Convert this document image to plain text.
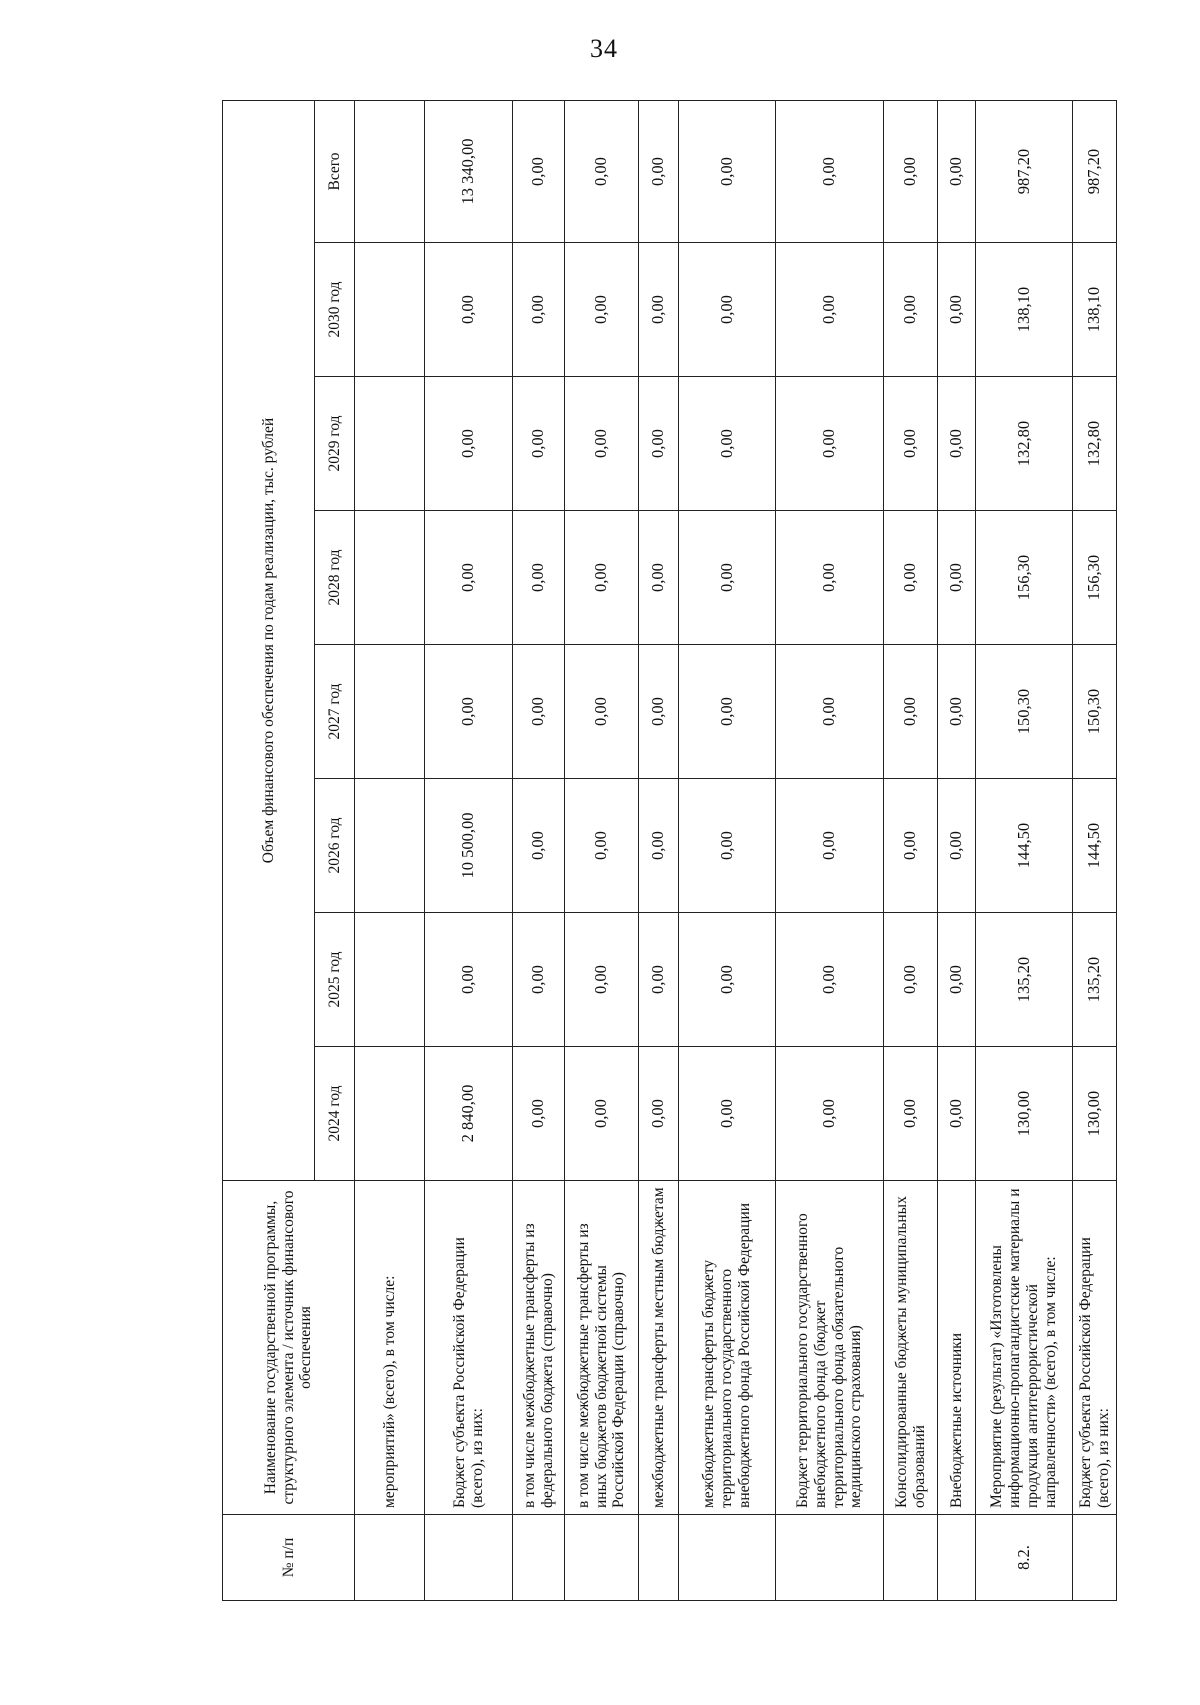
34
№ п/п	Наименование государственной программы, структурного элемента / источник финансового обеспечения	Объем финансового обеспечения по годам реализации, тыс. рублей							
		2024 год	2025 год	2026 год	2027 год	2028 год	2029 год	2030 год	Всего
	мероприятий» (всего), в том числе:								
	Бюджет субъекта Российской Федерации (всего), из них:	2 840,00	0,00	10 500,00	0,00	0,00	0,00	0,00	13 340,00
	в том числе межбюджетные трансферты из федерального бюджета (справочно)	0,00	0,00	0,00	0,00	0,00	0,00	0,00	0,00
	в том числе межбюджетные трансферты из иных бюджетов бюджетной системы Российской Федерации (справочно)	0,00	0,00	0,00	0,00	0,00	0,00	0,00	0,00
	межбюджетные трансферты местным бюджетам	0,00	0,00	0,00	0,00	0,00	0,00	0,00	0,00
	межбюджетные трансферты бюджету территориального государственного внебюджетного фонда Российской Федерации	0,00	0,00	0,00	0,00	0,00	0,00	0,00	0,00
	Бюджет территориального государственного внебюджетного фонда (бюджет территориального фонда обязательного медицинского страхования)	0,00	0,00	0,00	0,00	0,00	0,00	0,00	0,00
	Консолидированные бюджеты муниципальных образований	0,00	0,00	0,00	0,00	0,00	0,00	0,00	0,00
	Внебюджетные источники	0,00	0,00	0,00	0,00	0,00	0,00	0,00	0,00
8.2.	Мероприятие (результат) «Изготовлены информационно-пропагандистские материалы и продукция антитеррористической направленности» (всего), в том числе:	130,00	135,20	144,50	150,30	156,30	132,80	138,10	987,20
	Бюджет субъекта Российской Федерации (всего), из них:	130,00	135,20	144,50	150,30	156,30	132,80	138,10	987,20
